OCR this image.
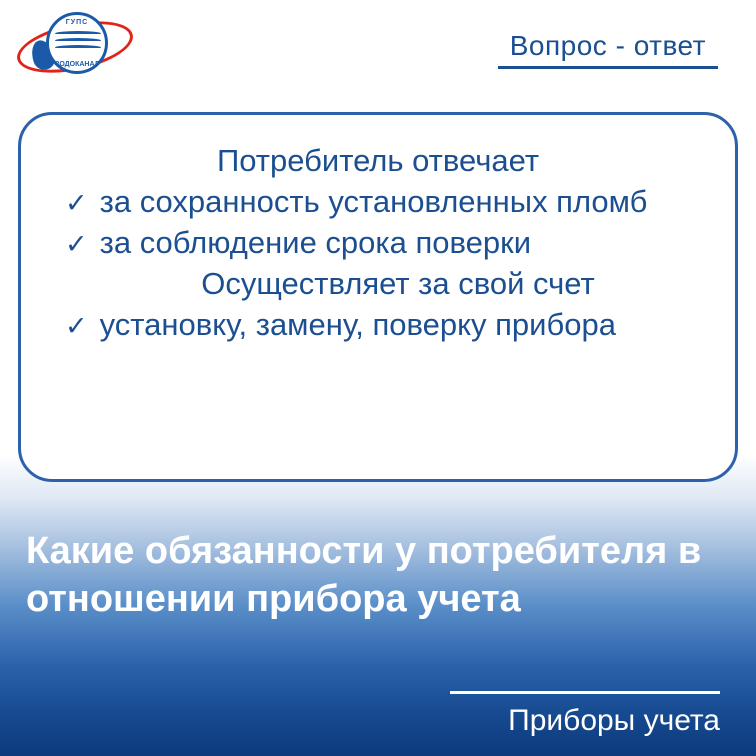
ГУПС
"ВОДОКАНАЛ"
Вопрос - ответ
Потребитель отвечает
✓ за сохранность установленных пломб
✓ за соблюдение срока поверки
Осуществляет за свой счет
✓ установку, замену, поверку прибора
Какие обязанности у потребителя в
отношении прибора учета
Приборы учета
